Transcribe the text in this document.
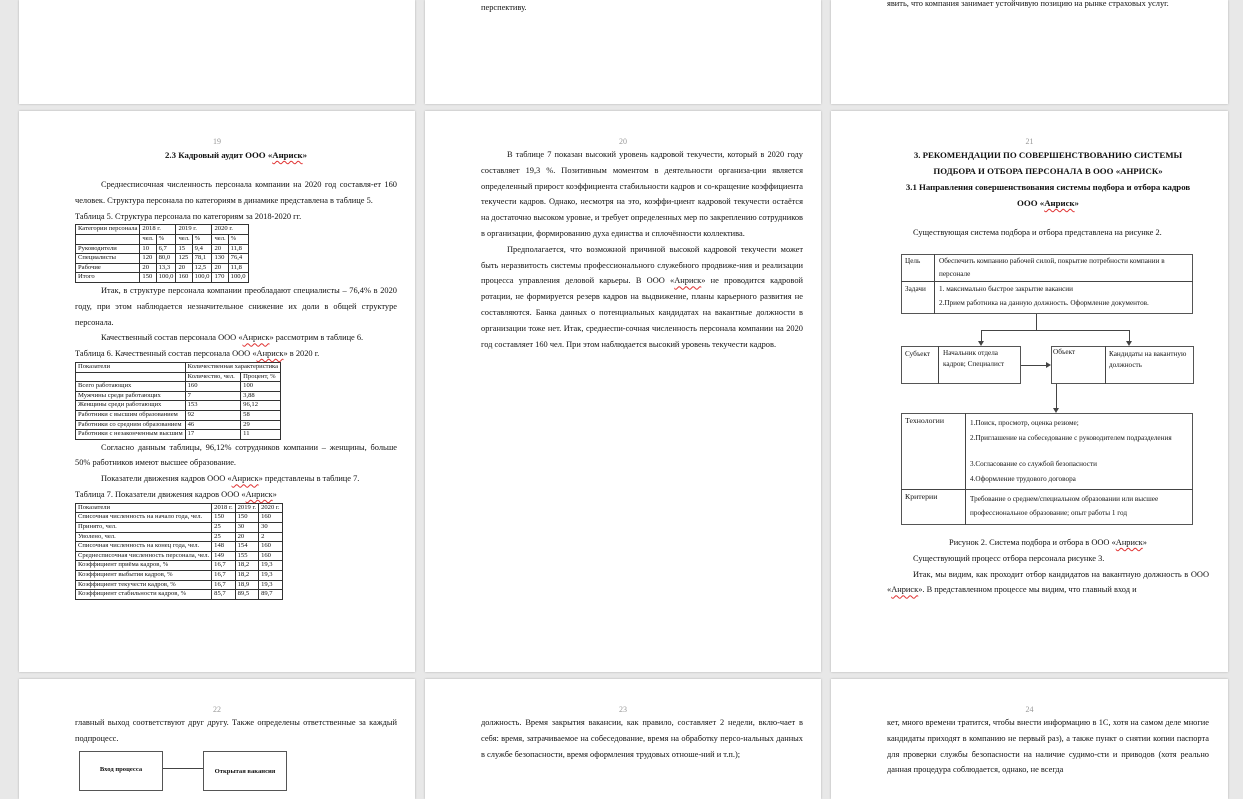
перспективу.	явить, что компания занимает устойчивую позицию на рынке страховых услуг.

19

2.3 Кадровый аудит ООО «Анриск»

Среднесписочная численность персонала компании на 2020 год составля-ет 160 человек. Структура персонала по категориям в динамике представлена в таблице 5.

Таблица 5. Структура персонала по категориям за 2018-2020 гг.

Категории персонала	2018 г.		2019 г.		2020 г.	
	чел.	%	чел.	%	чел.	%
Руководители	10	6,7	15	9,4	20	11,8
Специалисты	120	80,0	125	78,1	130	76,4
Рабочие	20	13,3	20	12,5	20	11,8
Итого	150	100,0	160	100,0	170	100,0

Итак, в структуре персонала компании преобладают специалисты – 76,4% в 2020 году, при этом наблюдается незначительное снижение их доли в общей структуре персонала.

Качественный состав персонала ООО «Анриск» рассмотрим в таблице 6.

Таблица 6. Качественный состав персонала ООО «Анриск» в 2020 г.

Показатели	Количественная характеристика	
	Количество, чел.	Процент, %
Всего работающих	160	100
Мужчины среди работающих	7	3,88
Женщины среди работающих	153	96,12
Работники с высшим образованием	92	58
Работники со средним образованием	46	29
Работники с незаконченным высшим	17	11

Согласно данным таблицы, 96,12% сотрудников компании – женщины, больше 50% работников имеют высшее образование.

Показатели движения кадров ООО «Анриск» представлены в таблице 7.

Таблица 7. Показатели движения кадров ООО «Анриск»

Показатели	2018 г.	2019 г.	2020 г.
Списочная численность на начало года, чел.	150	150	160
Принято, чел.	25	30	30
Уволено, чел.	25	20	2
Списочная численность на конец года, чел.	148	154	160
Среднесписочная численность персонала, чел.	149	155	160
Коэффициент приёма кадров, %	16,7	18,2	19,3
Коэффициент выбытия кадров, %	16,7	18,2	19,3
Коэффициент текучести кадров, %	16,7	18,9	19,3
Коэффициент стабильности кадров, %	85,7	89,5	89,7
20

В таблице 7 показан высокий уровень кадровой текучести, который в 2020 году составляет 19,3 %. Позитивным моментом в деятельности организа-ции является определенный прирост коэффициента стабильности кадров и со-кращение коэффициента текучести кадров. Однако, несмотря на это, коэффи-циент кадровой текучести остаётся на достаточно высоком уровне, и требует определенных мер по закреплению сотрудников в организации, формированию духа единства и сплочённости коллектива.

Предполагается, что возможной причиной высокой кадровой текучести может быть неразвитость системы профессионального служебного продвиже-ния и реализации процесса управления деловой карьеры. В ООО «Анриск» не проводится кадровой ротации, не формируется резерв кадров на выдвижение, планы карьерного развития не составляются. Банка данных о потенциальных кандидатах на вакантные должности в организации тоже нет. Итак, среднеспи-сочная численность персонала компании на 2020 год составляет 160 чел. При этом наблюдается высокий уровень текучести кадров.

21

3. РЕКОМЕНДАЦИИ ПО СОВЕРШЕНСТВОВАНИЮ СИСТЕМЫ

ПОДБОРА И ОТБОРА ПЕРСОНАЛА В ООО «АНРИСК»

3.1 Направления совершенствования системы подбора и отбора кадров

ООО «Анриск»

Существующая система подбора и отбора представлена на рисунке 2.

Цель	Обеспечить компанию рабочей силой, покрытие потребности компании в персонале
Задачи 1. максимально быстрое закрытие вакансии
2.Прием работника на данную должность. Оформление документов.
Субъект Начальник отдела кадров; Специалист
Объект	Кандидаты на вакантную должность
Технологии	1.Поиск, просмотр, оценка резюме;
2.Приглашение на собеседование с руководителем подразделения
3.Согласование со службой безопасности
4.Оформление трудового договора
Критерии	Требование о среднем/специальном образовании или высшее профессиональное образование; опыт работы 1 год

Рисунок 2. Система подбора и отбора в ООО «Анриск»

Существующий процесс отбора персонала рисунке 3.

Итак, мы видим, как проходит отбор кандидатов на вакантную должность в ООО «Анриск». В представленном процессе мы видим, что главный вход и

22

главный выход соответствуют друг другу. Также определены ответственные за каждый подпроцесс.

Вход процесса	Открытая вакансия
23

должность. Время закрытия вакансии, как правило, составляет 2 недели, вклю-чает в себя: время, затрачиваемое на собеседование, время на обработку персо-нальных данных в службе безопасности, время оформления трудовых отноше-ний и т.п.);

24

кет, много времени тратится, чтобы внести информацию в 1С, хотя на самом деле многие кандидаты приходят в компанию не первый раз), а также пункт о снятии копии паспорта для проверки службы безопасности на наличие судимо-сти и приводов (хотя реально данная процедура соблюдается, однако, не всегда
